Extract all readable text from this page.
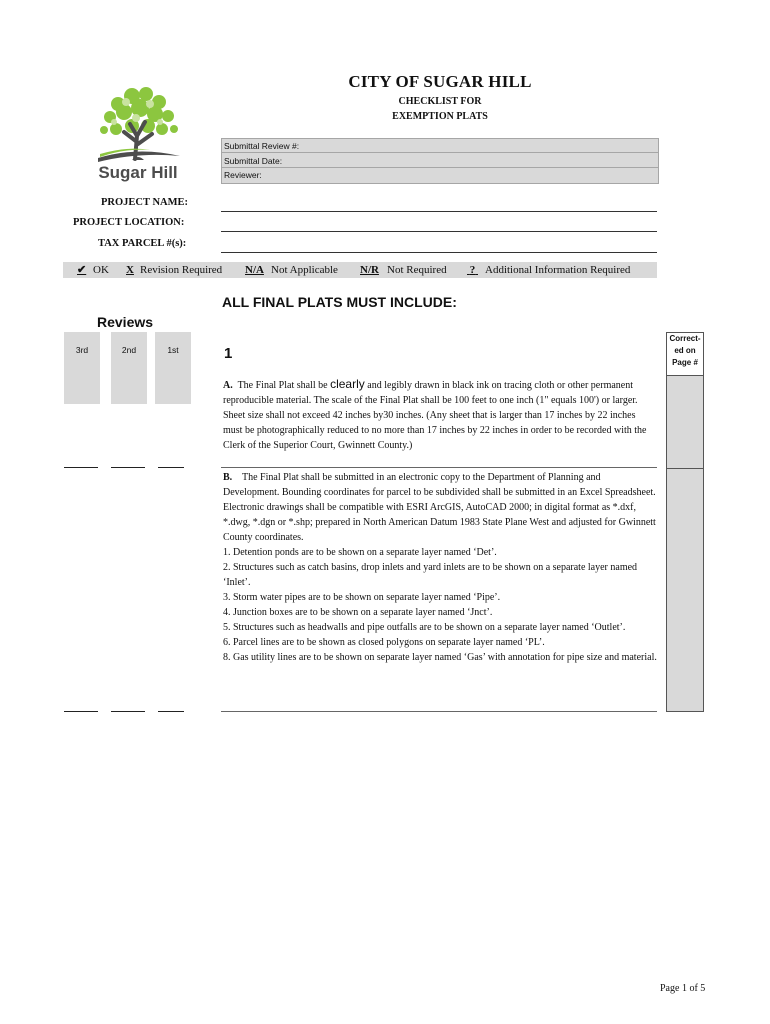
CITY OF SUGAR HILL
CHECKLIST FOR
EXEMPTION PLATS
Sugar Hill
Submittal Review #:
Submittal Date:
Reviewer:
PROJECT NAME:
PROJECT LOCATION:
TAX PARCEL #(s):
✔ OK X Revision Required N/A Not Applicable N/R Not Required ? Additional Information Required
ALL FINAL PLATS MUST INCLUDE:
Reviews
3rd	2nd	1st
Correct-
ed on
Page #
1

A. The Final Plat shall be clearly and legibly drawn in black ink on tracing cloth or other permanent reproducible material. The scale of the Final Plat shall be 100 feet to one inch (1" equals 100') or larger. Sheet size shall not exceed 42 inches by30 inches. (Any sheet that is larger than 17 inches by 22 inches must be photographically reduced to no more than 17 inches by 22 inches in order to be recorded with the Clerk of the Superior Court, Gwinnett County.)

B. The Final Plat shall be submitted in an electronic copy to the Department of Planning and Development. Bounding coordinates for parcel to be subdivided shall be submitted in an Excel Spreadsheet. Electronic drawings shall be compatible with ESRI ArcGIS, AutoCAD 2000; in digital format as *.dxf, *.dwg, *.dgn or *.shp; prepared in North American Datum 1983 State Plane West and adjusted for Gwinnett County coordinates.

1. Detention ponds are to be shown on a separate layer named ‘Det’.

2. Structures such as catch basins, drop inlets and yard inlets are to be shown on a separate layer named ‘Inlet’.

3. Storm water pipes are to be shown on separate layer named ‘Pipe’.

4. Junction boxes are to be shown on a separate layer named ‘Jnct’.

5. Structures such as headwalls and pipe outfalls are to be shown on a separate layer named ‘Outlet’.

6. Parcel lines are to be shown as closed polygons on separate layer named ‘PL’.

8. Gas utility lines are to be shown on separate layer named ‘Gas’ with annotation for pipe size and material.

Page 1 of 5
